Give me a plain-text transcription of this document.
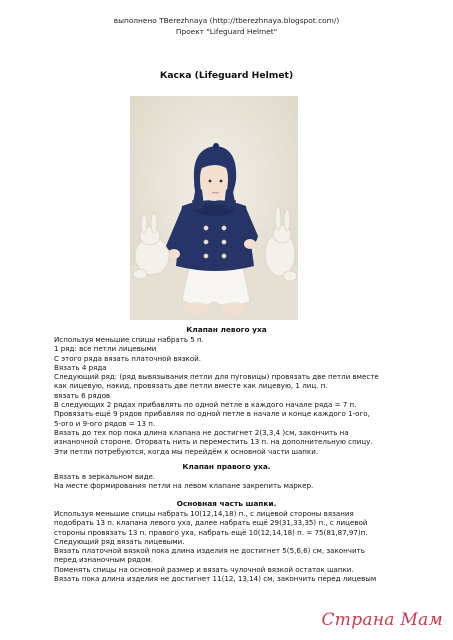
выполнено TBerezhnaya (http://tberezhnaya.blogspot.com/)
Проект "Lifeguard Helmet"
Каска (Lifeguard Helmet)
Клапан левого уха
Используя меньшие спицы набрать 5 п.
1 ряд: все петли лицевыми
С этого ряда вязать платочной вязкой.
Вязать 4 ряда
Следующий ряд: (ряд вывязывания петли для пуговицы) провязать две петли вместе
как лицевую, накид, провязать две петли вместе как лицевую, 1 лиц. п.
вязать 6 рядов
В следующих 2 рядах прибавлять по одной петле в каждого начале ряда = 7 п.
Провязать ещё 9 рядов прибавляя по одной петле в начале и конце каждого 1-ого,
5-ого и 9-ого рядов = 13 п.
Вязать до тех пор пока длина клапана не достигнет 2(3,3,4 )см, закончить на
изнаночной стороне. Оторвать нить и переместить 13 п. на дополнительную спицу.
Эти петли потребуются, когда мы перейдём к основной части шапки.
Клапан правого уха.
Вязать в зеркальном виде.
На месте формирования петли на левом клапане закрепить маркер.
Основная часть шапки.
Используя меньшие спицы набрать 10(12,14,18) п., с лицевой стороны вязания
подобрать 13 п. клапана левого уха, далее набрать ещё 29(31,33,35) п., с лицевой
стороны провязать 13 п. правого уха, набрать ещё 10(12,14,18) п. = 75(81,87,97)п.
Следующий ряд вязать лицевыми.
Вязать платочной вязкой пока длина изделия не достигнет 5(5,6,6) см, закончить
перед изнаночным рядом.
Поменять спицы на основной размер и вязать чулочной вязкой остаток шапки.
Вязать пока длина изделия не достигнет 11(12, 13,14) см, закончить перед лицевым
Страна Мам
